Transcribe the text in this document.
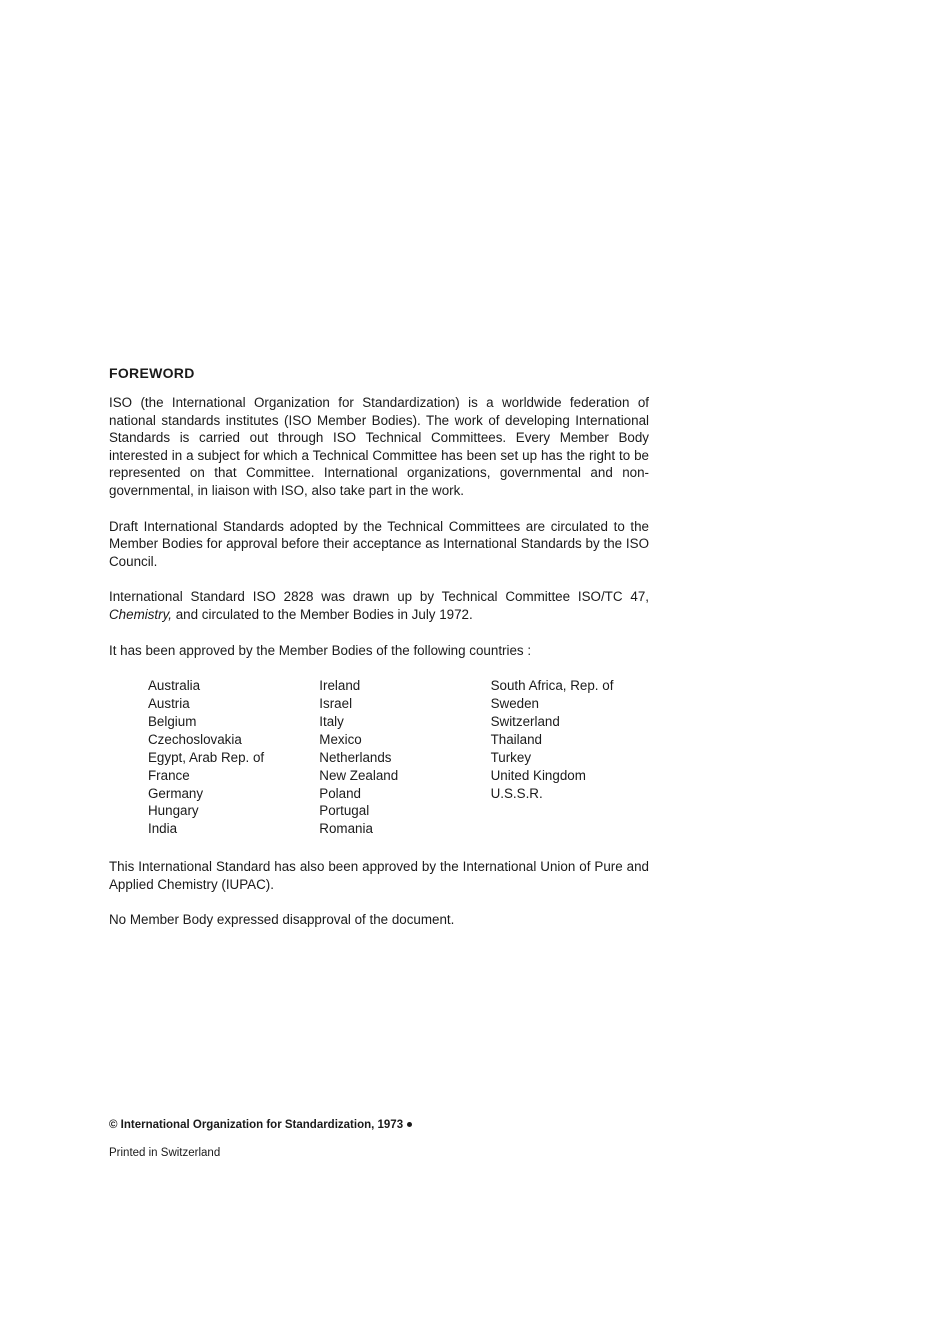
FOREWORD

ISO (the International Organization for Standardization) is a worldwide federation of national standards institutes (ISO Member Bodies). The work of developing International Standards is carried out through ISO Technical Committees. Every Member Body interested in a subject for which a Technical Committee has been set up has the right to be represented on that Committee. International organizations, governmental and non-governmental, in liaison with ISO, also take part in the work.

Draft International Standards adopted by the Technical Committees are circulated to the Member Bodies for approval before their acceptance as International Standards by the ISO Council.

International Standard ISO 2828 was drawn up by Technical Committee ISO/TC 47, Chemistry, and circulated to the Member Bodies in July 1972.

It has been approved by the Member Bodies of the following countries :

Australia
Austria
Belgium
Czechoslovakia
Egypt, Arab Rep. of
France
Germany
Hungary
India
Ireland
Israel
Italy
Mexico
Netherlands
New Zealand
Poland
Portugal
Romania
South Africa, Rep. of
Sweden
Switzerland
Thailand
Turkey
United Kingdom
U.S.S.R.

This International Standard has also been approved by the International Union of Pure and Applied Chemistry (IUPAC).

No Member Body expressed disapproval of the document.

© International Organization for Standardization, 1973
Printed in Switzerland
